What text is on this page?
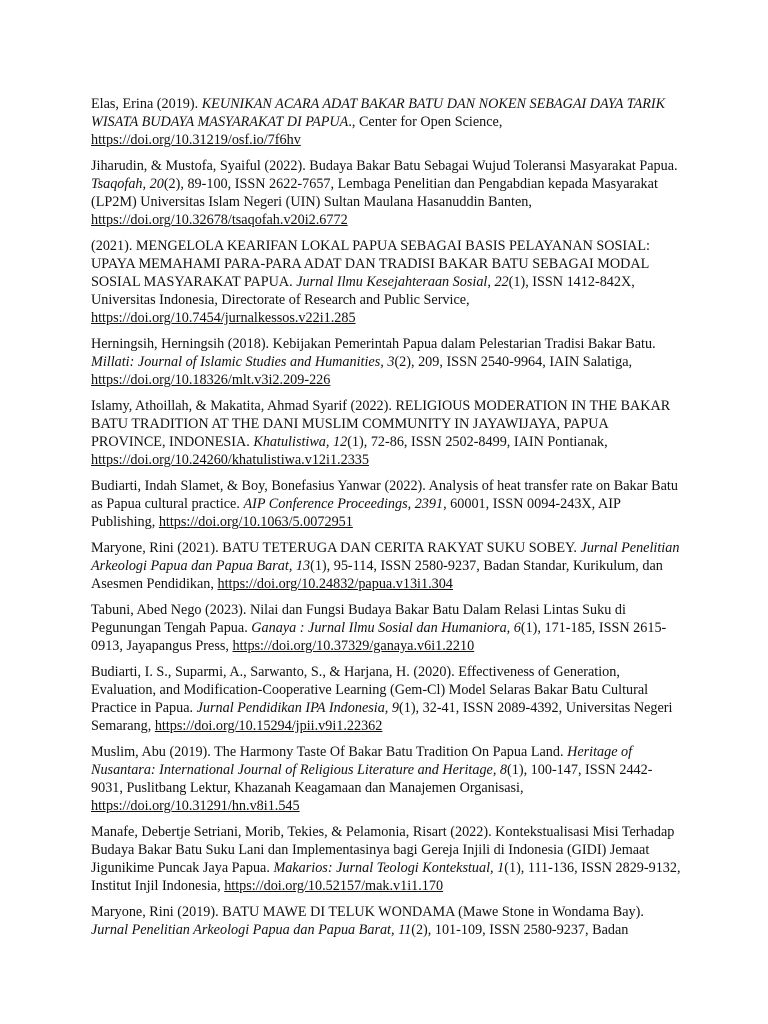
Elas, Erina (2019). KEUNIKAN ACARA ADAT BAKAR BATU DAN NOKEN SEBAGAI DAYA TARIK WISATA BUDAYA MASYARAKAT DI PAPUA., Center for Open Science, https://doi.org/10.31219/osf.io/7f6hv

Jiharudin, & Mustofa, Syaiful (2022). Budaya Bakar Batu Sebagai Wujud Toleransi Masyarakat Papua. Tsaqofah, 20(2), 89-100, ISSN 2622-7657, Lembaga Penelitian dan Pengabdian kepada Masyarakat (LP2M) Universitas Islam Negeri (UIN) Sultan Maulana Hasanuddin Banten, https://doi.org/10.32678/tsaqofah.v20i2.6772

(2021). MENGELOLA KEARIFAN LOKAL PAPUA SEBAGAI BASIS PELAYANAN SOSIAL: UPAYA MEMAHAMI PARA-PARA ADAT DAN TRADISI BAKAR BATU SEBAGAI MODAL SOSIAL MASYARAKAT PAPUA. Jurnal Ilmu Kesejahteraan Sosial, 22(1), ISSN 1412-842X, Universitas Indonesia, Directorate of Research and Public Service, https://doi.org/10.7454/jurnalkessos.v22i1.285

Herningsih, Herningsih (2018). Kebijakan Pemerintah Papua dalam Pelestarian Tradisi Bakar Batu. Millati: Journal of Islamic Studies and Humanities, 3(2), 209, ISSN 2540-9964, IAIN Salatiga, https://doi.org/10.18326/mlt.v3i2.209-226

Islamy, Athoillah, & Makatita, Ahmad Syarif (2022). RELIGIOUS MODERATION IN THE BAKAR BATU TRADITION AT THE DANI MUSLIM COMMUNITY IN JAYAWIJAYA, PAPUA PROVINCE, INDONESIA. Khatulistiwa, 12(1), 72-86, ISSN 2502-8499, IAIN Pontianak, https://doi.org/10.24260/khatulistiwa.v12i1.2335

Budiarti, Indah Slamet, & Boy, Bonefasius Yanwar (2022). Analysis of heat transfer rate on Bakar Batu as Papua cultural practice. AIP Conference Proceedings, 2391, 60001, ISSN 0094-243X, AIP Publishing, https://doi.org/10.1063/5.0072951

Maryone, Rini (2021). BATU TETERUGA DAN CERITA RAKYAT SUKU SOBEY. Jurnal Penelitian Arkeologi Papua dan Papua Barat, 13(1), 95-114, ISSN 2580-9237, Badan Standar, Kurikulum, dan Asesmen Pendidikan, https://doi.org/10.24832/papua.v13i1.304

Tabuni, Abed Nego (2023). Nilai dan Fungsi Budaya Bakar Batu Dalam Relasi Lintas Suku di Pegunungan Tengah Papua. Ganaya : Jurnal Ilmu Sosial dan Humaniora, 6(1), 171-185, ISSN 2615-0913, Jayapangus Press, https://doi.org/10.37329/ganaya.v6i1.2210

Budiarti, I. S., Suparmi, A., Sarwanto, S., & Harjana, H. (2020). Effectiveness of Generation, Evaluation, and Modification-Cooperative Learning (Gem-Cl) Model Selaras Bakar Batu Cultural Practice in Papua. Jurnal Pendidikan IPA Indonesia, 9(1), 32-41, ISSN 2089-4392, Universitas Negeri Semarang, https://doi.org/10.15294/jpii.v9i1.22362

Muslim, Abu (2019). The Harmony Taste Of Bakar Batu Tradition On Papua Land. Heritage of Nusantara: International Journal of Religious Literature and Heritage, 8(1), 100-147, ISSN 2442-9031, Puslitbang Lektur, Khazanah Keagamaan dan Manajemen Organisasi, https://doi.org/10.31291/hn.v8i1.545

Manafe, Debertje Setriani, Morib, Tekies, & Pelamonia, Risart (2022). Kontekstualisasi Misi Terhadap Budaya Bakar Batu Suku Lani dan Implementasinya bagi Gereja Injili di Indonesia (GIDI) Jemaat Jigunikime Puncak Jaya Papua. Makarios: Jurnal Teologi Kontekstual, 1(1), 111-136, ISSN 2829-9132, Institut Injil Indonesia, https://doi.org/10.52157/mak.v1i1.170

Maryone, Rini (2019). BATU MAWE DI TELUK WONDAMA (Mawe Stone in Wondama Bay). Jurnal Penelitian Arkeologi Papua dan Papua Barat, 11(2), 101-109, ISSN 2580-9237, Badan
